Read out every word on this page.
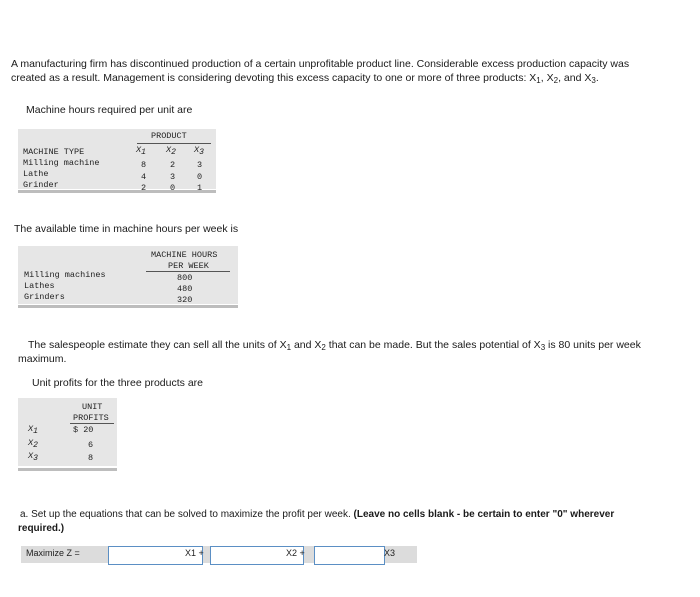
A manufacturing firm has discontinued production of a certain unprofitable product line. Considerable excess production capacity was
created as a result. Management is considering devoting this excess capacity to one or more of three products: $X_1$, $X_2$, and $X_3$.
Machine hours required per unit are
PRODUCT
MACHINE TYPE	$X_1$ $X_2$ $X_3$
Milling machine	8	2	3
Lathe	4	3	0
Grinder	2	0	1
The available time in machine hours per week is
MACHINE HOURS
PER WEEK
Milling machines	800
Lathes	480
Grinders	320
The salespeople estimate they can sell all the units of $X_1$ and $X_2$ that can be made. But the sales potential of $X_3$ is 80 units per week
maximum.
Unit profits for the three products are
UNIT
PROFITS
$X_1$	$ 20
$X_2$	6
$X_3$	8
a. Set up the equations that can be solved to maximize the profit per week. (Leave no cells blank - be certain to enter "0" wherever
required.)
Maximize Z =	X1 +	X2 +	X3
